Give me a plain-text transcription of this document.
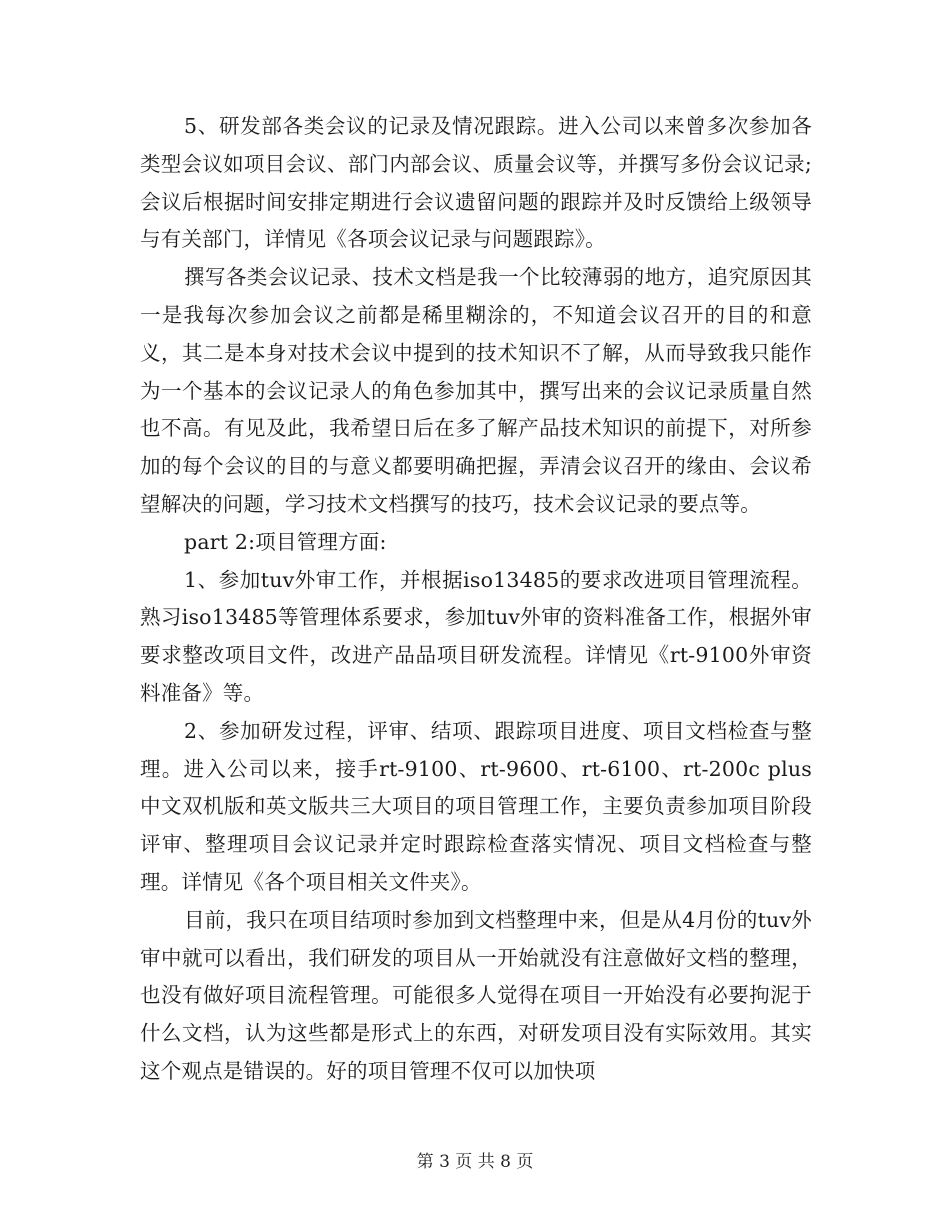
5、研发部各类会议的记录及情况跟踪。进入公司以来曾多次参加各类型会议如项目会议、部门内部会议、质量会议等，并撰写多份会议记录;会议后根据时间安排定期进行会议遗留问题的跟踪并及时反馈给上级领导与有关部门，详情见《各项会议记录与问题跟踪》。

撰写各类会议记录、技术文档是我一个比较薄弱的地方，追究原因其一是我每次参加会议之前都是稀里糊涂的，不知道会议召开的目的和意义，其二是本身对技术会议中提到的技术知识不了解，从而导致我只能作为一个基本的会议记录人的角色参加其中，撰写出来的会议记录质量自然也不高。有见及此，我希望日后在多了解产品技术知识的前提下，对所参加的每个会议的目的与意义都要明确把握，弄清会议召开的缘由、会议希望解决的问题，学习技术文档撰写的技巧，技术会议记录的要点等。

part 2:项目管理方面:

1、参加tuv外审工作，并根据iso13485的要求改进项目管理流程。熟习iso13485等管理体系要求，参加tuv外审的资料准备工作，根据外审要求整改项目文件，改进产品品项目研发流程。详情见《rt-9100外审资料准备》等。

2、参加研发过程，评审、结项、跟踪项目进度、项目文档检查与整理。进入公司以来，接手rt-9100、rt-9600、rt-6100、rt-200c plus中文双机版和英文版共三大项目的项目管理工作，主要负责参加项目阶段评审、整理项目会议记录并定时跟踪检查落实情况、项目文档检查与整理。详情见《各个项目相关文件夹》。

目前，我只在项目结项时参加到文档整理中来，但是从4月份的tuv外审中就可以看出，我们研发的项目从一开始就没有注意做好文档的整理，也没有做好项目流程管理。可能很多人觉得在项目一开始没有必要拘泥于什么文档，认为这些都是形式上的东西，对研发项目没有实际效用。其实这个观点是错误的。好的项目管理不仅可以加快项

第 3 页 共 8 页
